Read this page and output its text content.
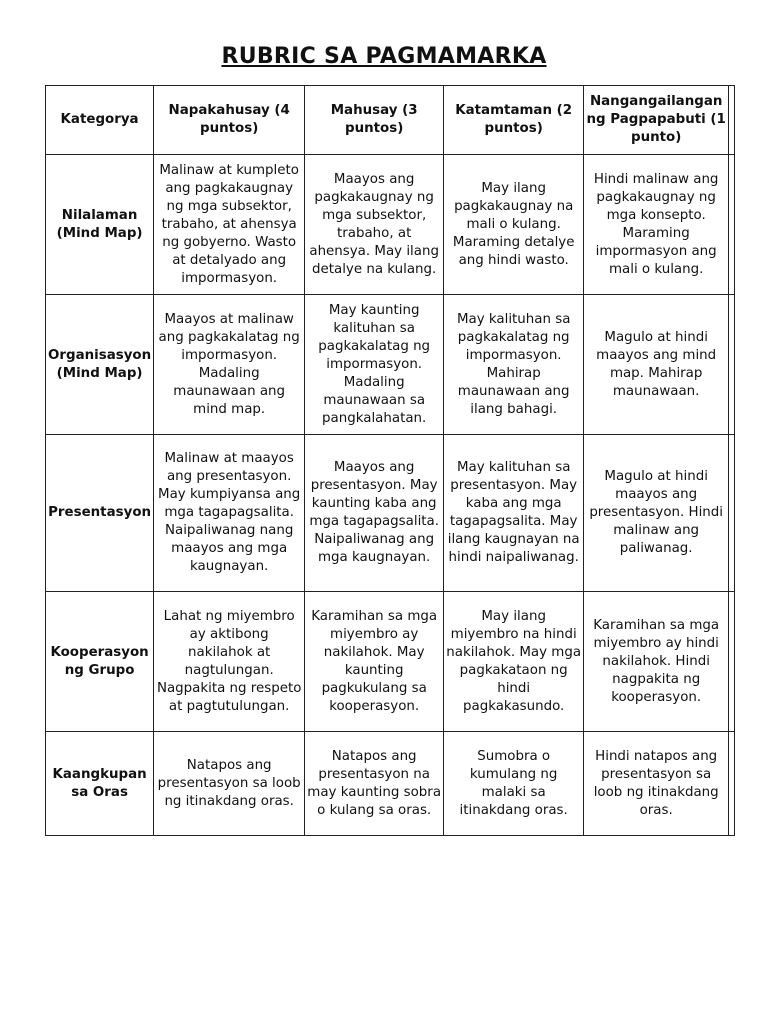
RUBRIC SA PAGMAMARKA
Kategorya	Napakahusay (4 puntos)	Mahusay (3 puntos)	Katamtaman (2 puntos)	Nangangailangan ng Pagpapabuti (1 punto)	
Nilalaman (Mind Map)	Malinaw at kumpleto ang pagkakaugnay ng mga subsektor, trabaho, at ahensya ng gobyerno. Wasto at detalyado ang impormasyon.	Maayos ang pagkakaugnay ng mga subsektor, trabaho, at ahensya. May ilang detalye na kulang.	May ilang pagkakaugnay na mali o kulang. Maraming detalye ang hindi wasto.	Hindi malinaw ang pagkakaugnay ng mga konsepto. Maraming impormasyon ang mali o kulang.	
Organisasyon (Mind Map)	Maayos at malinaw ang pagkakalatag ng impormasyon. Madaling maunawaan ang mind map.	May kaunting kalituhan sa pagkakalatag ng impormasyon. Madaling maunawaan sa pangkalahatan.	May kalituhan sa pagkakalatag ng impormasyon. Mahirap maunawaan ang ilang bahagi.	Magulo at hindi maayos ang mind map. Mahirap maunawaan.	
Presentasyon	Malinaw at maayos ang presentasyon. May kumpiyansa ang mga tagapagsalita. Naipaliwanag nang maayos ang mga kaugnayan.	Maayos ang presentasyon. May kaunting kaba ang mga tagapagsalita. Naipaliwanag ang mga kaugnayan.	May kalituhan sa presentasyon. May kaba ang mga tagapagsalita. May ilang kaugnayan na hindi naipaliwanag.	Magulo at hindi maayos ang presentasyon. Hindi malinaw ang paliwanag.	
Kooperasyon ng Grupo	Lahat ng miyembro ay aktibong nakilahok at nagtulungan. Nagpakita ng respeto at pagtutulungan.	Karamihan sa mga miyembro ay nakilahok. May kaunting pagkukulang sa kooperasyon.	May ilang miyembro na hindi nakilahok. May mga pagkakataon ng hindi pagkakasundo.	Karamihan sa mga miyembro ay hindi nakilahok. Hindi nagpakita ng kooperasyon.	
Kaangkupan sa Oras	Natapos ang presentasyon sa loob ng itinakdang oras.	Natapos ang presentasyon na may kaunting sobra o kulang sa oras.	Sumobra o kumulang ng malaki sa itinakdang oras.	Hindi natapos ang presentasyon sa loob ng itinakdang oras.	
